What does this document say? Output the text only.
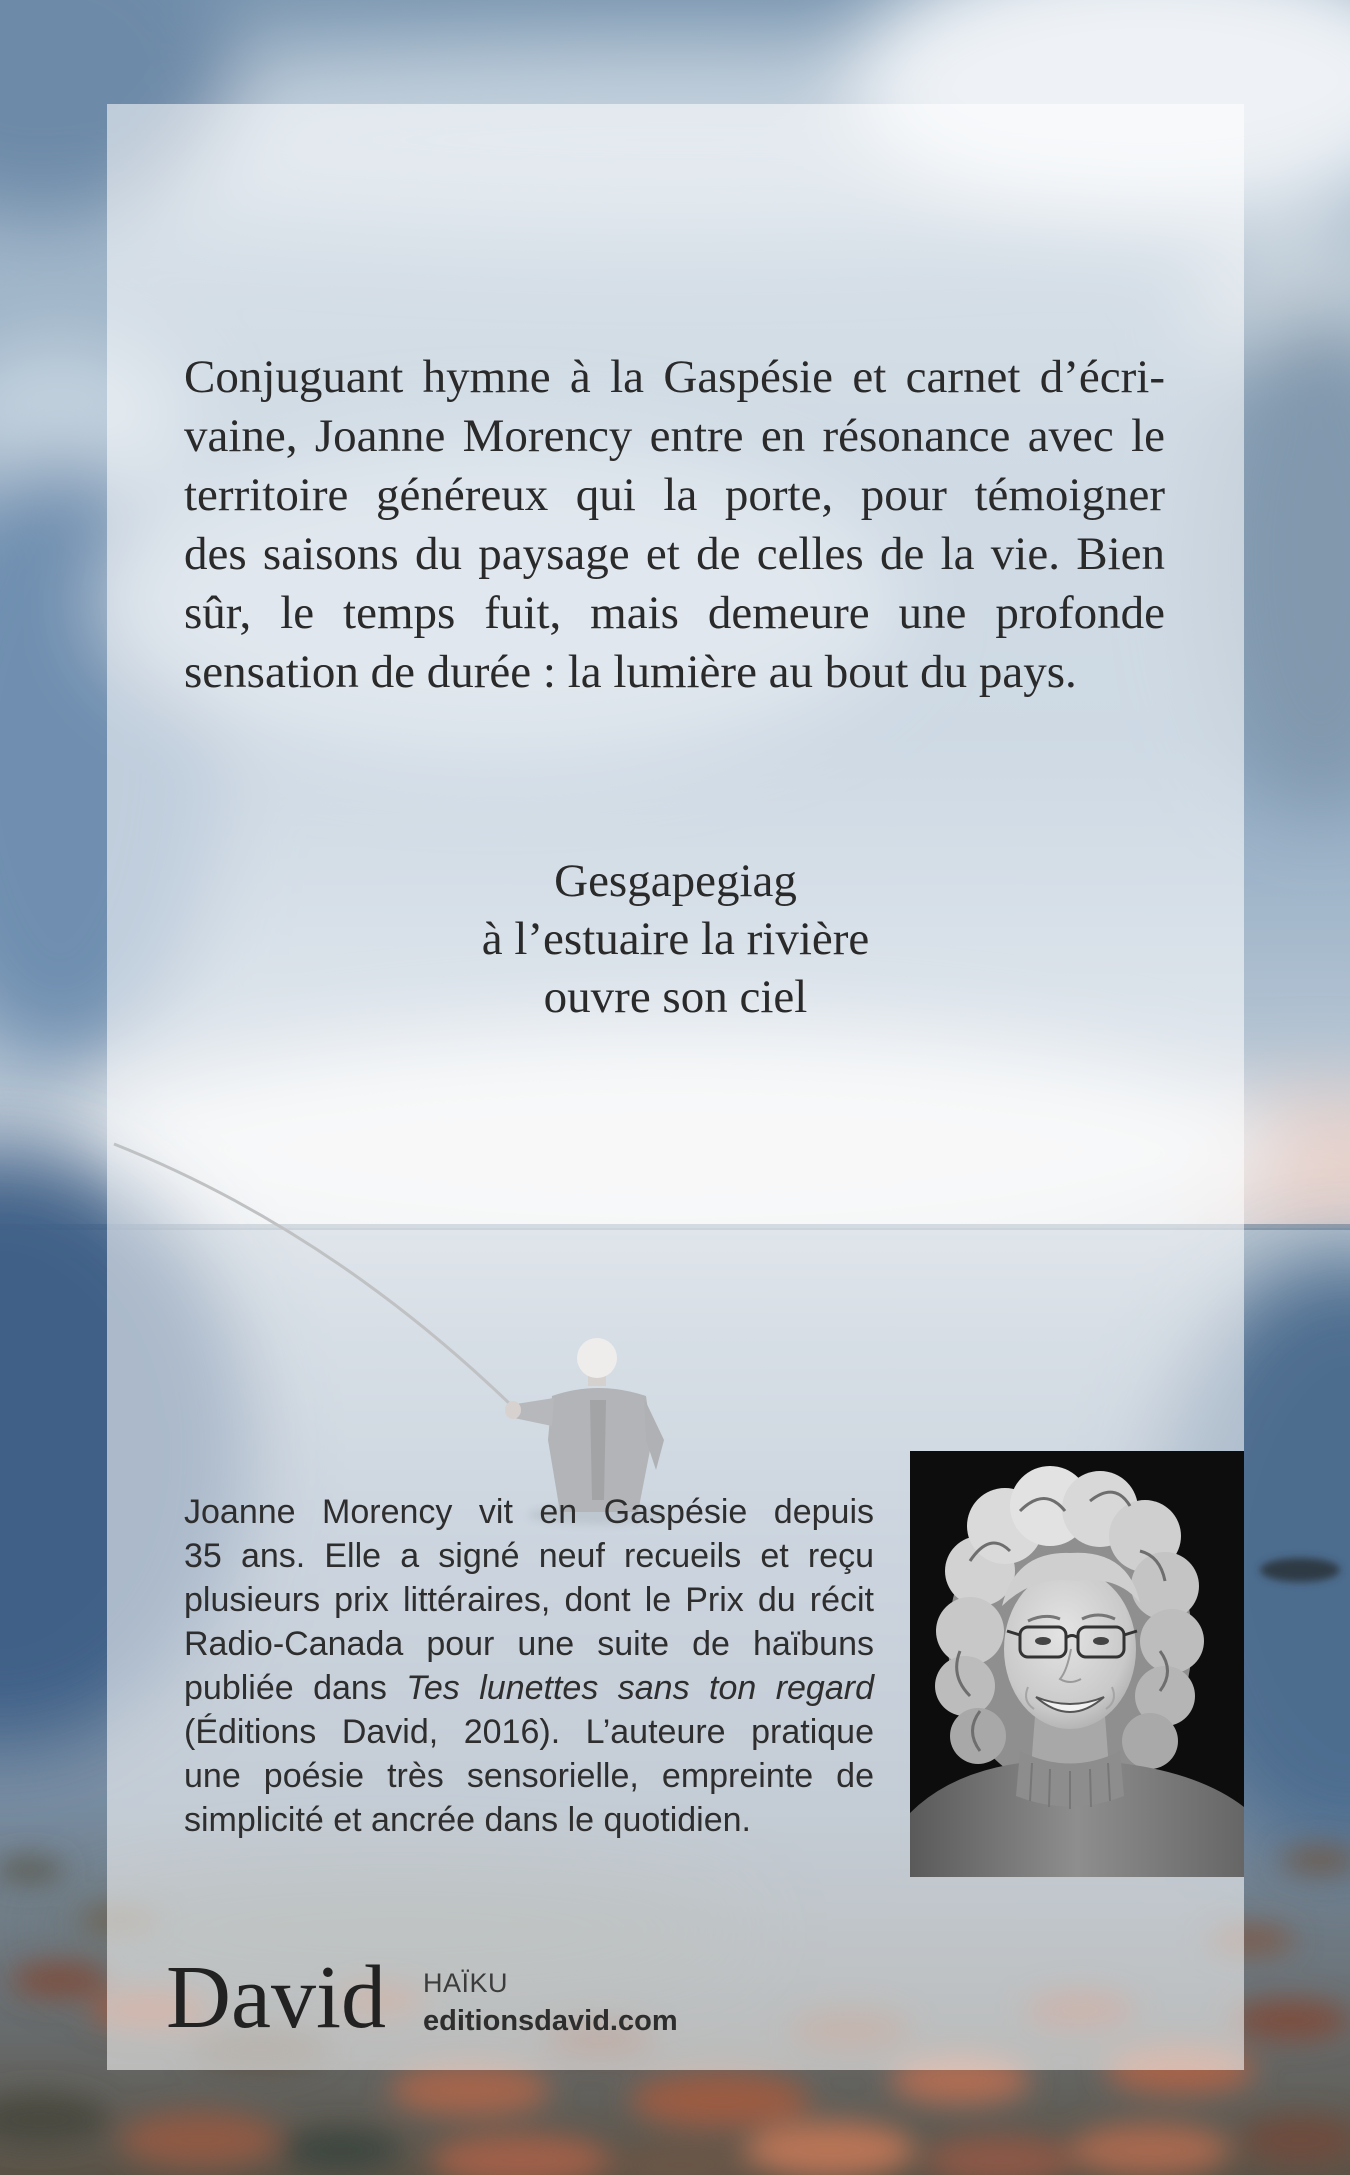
Conjuguant hymne à la Gaspésie et carnet d’écri-
vaine, Joanne Morency entre en résonance avec le
territoire généreux qui la porte, pour témoigner
des saisons du paysage et de celles de la vie. Bien
sûr, le temps fuit, mais demeure une profonde
sensation de durée : la lumière au bout du pays.
Gesgapegiag
à l’estuaire la rivière
ouvre son ciel
Joanne Morency vit en Gaspésie depuis
35 ans. Elle a signé neuf recueils et reçu
plusieurs prix littéraires, dont le Prix du récit
Radio-Canada pour une suite de haïbuns
publiée dans Tes lunettes sans ton regard
(Éditions David, 2016). L’auteure pratique
une poésie très sensorielle, empreinte de
simplicité et ancrée dans le quotidien.
David HAÏKU
editionsdavid.com
